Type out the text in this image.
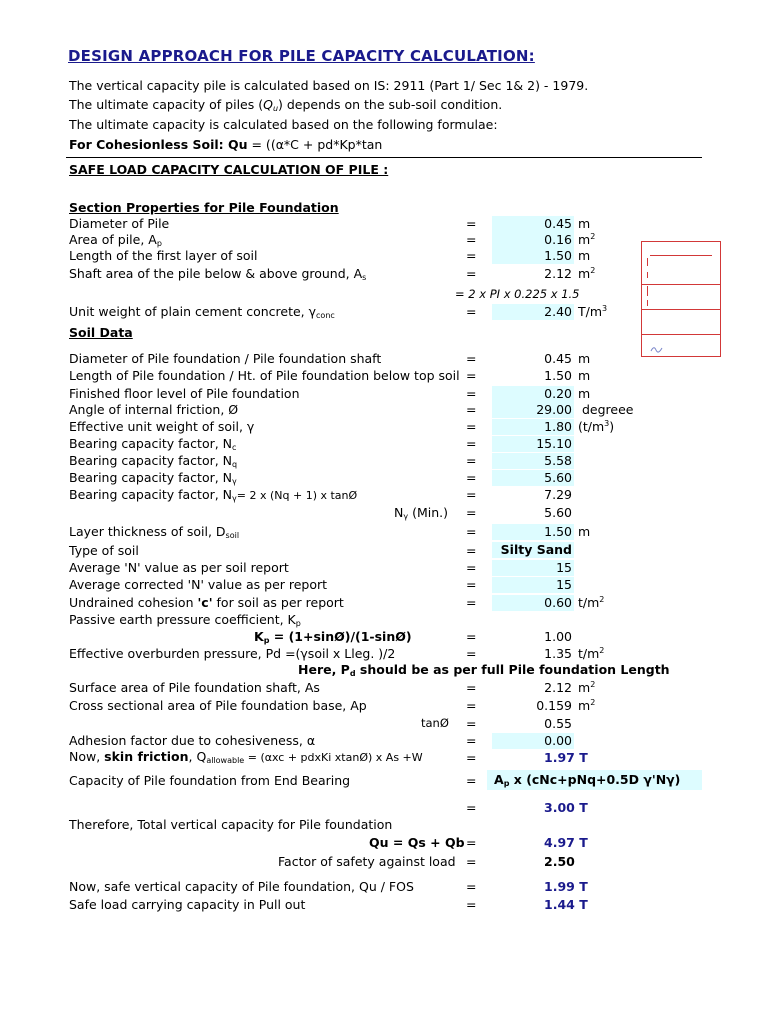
DESIGN APPROACH FOR PILE CAPACITY CALCULATION:
The vertical capacity pile is calculated based on IS: 2911 (Part 1/ Sec 1& 2) - 1979.
The ultimate capacity of piles $(Q_u)$ depends on the sub-soil condition.
The ultimate capacity is calculated based on the following formulae:
For Cohesionless Soil: Qu = ((α*C + pd*Kp*tan
SAFE LOAD CAPACITY CALCULATION OF PILE :
Section Properties for Pile Foundation
Diameter of Pile	=	0.45 m
Area of pile, $A_p$	=	0.16 $m^2$
Length of the first layer of soil	=	1.50 m
Shaft area of the pile below & above ground, $A_s$	=	2.12 $m^2$
= 2 x PI x 0.225 x 1.5
Unit weight of plain cement concrete, $\gamma_{conc}$	=	2.40 $T/m^3$
Soil Data
Diameter of Pile foundation / Pile foundation shaft	=	0.45 m
Length of Pile foundation / Ht. of Pile foundation below top soil =	1.50 m
Finished floor level of Pile foundation	=	0.20 m
Angle of internal friction, Ø	=	29.00 degreee
Effective unit weight of soil, γ	=	1.80 $(t/m^3)$
Bearing capacity factor, $N_c$	=	15.10
Bearing capacity factor, $N_q$	=	5.58
Bearing capacity factor, $N_\gamma$	=	5.60
Bearing capacity factor, $N_\gamma= 2$ x (Nq + 1) x tanØ	=	7.29
$N_\gamma$ (Min.) =	5.60
Layer thickness of soil, $D_{soil}$	=	1.50 m
Type of soil	=	Silty Sand
Average 'N' value as per soil report	=	15
Average corrected 'N' value as per report	=	15
Undrained cohesion 'c' for soil as per report	=	0.60 $t/m^2$
Passive earth pressure coefficient, $K_p$
$K_p$ = (1+sinØ)/(1-sinØ)	=	1.00
Effective overburden pressure, Pd =(γsoil x Lleg. )/2	=	1.35 $t/m^2$
Here, $P_d$ should be as per full Pile foundation Length
Surface area of Pile foundation shaft, As	=	2.12 $m^2$
Cross sectional area of Pile foundation base, Ap	=	0.159 $m^2$
tanØ =	0.55
Adhesion factor due to cohesiveness, α	=	0.00
Now, skin friction, $Q_{allowable} = (\alpha xc$ + pdxKi xtanØ) x As +W	=	1.97 T
Capacity of Pile foundation from End Bearing	=	$A_p$ x (cNc+pNq+0.5D γ'Nγ)
=	3.00 T
Therefore, Total vertical capacity for Pile foundation
Qu = Qs + Qb =	4.97 T
Factor of safety against load =	2.50
Now, safe vertical capacity of Pile foundation, Qu / FOS	=	1.99 T
Safe load carrying capacity in Pull out	=	1.44 T
